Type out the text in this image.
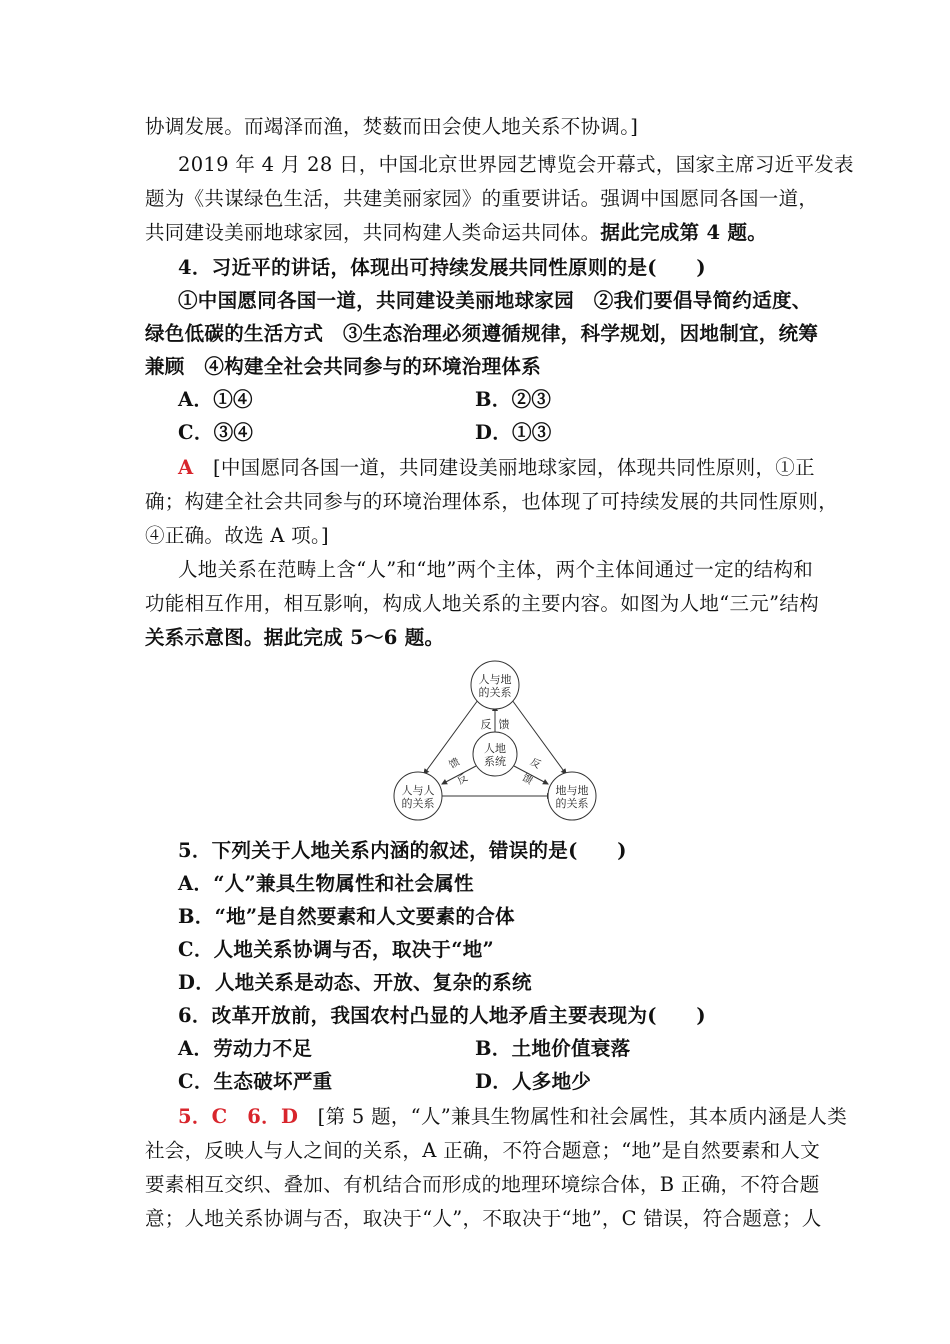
协调发展。而竭泽而渔，焚薮而田会使人地关系不协调。]
2019 年 4 月 28 日，中国北京世界园艺博览会开幕式，国家主席习近平发表
题为《共谋绿色生活，共建美丽家园》的重要讲话。强调中国愿同各国一道，
共同建设美丽地球家园，共同构建人类命运共同体。据此完成第 4 题。
4．习近平的讲话，体现出可持续发展共同性原则的是(　　)
①中国愿同各国一道，共同建设美丽地球家园　②我们要倡导简约适度、
绿色低碳的生活方式　③生态治理必须遵循规律，科学规划，因地制宜，统筹
兼顾　④构建全社会共同参与的环境治理体系
A．①④	B．②③
C．③④	D．①③
A [中国愿同各国一道，共同建设美丽地球家园，体现共同性原则，①正
确；构建全社会共同参与的环境治理体系，也体现了可持续发展的共同性原则，
④正确。故选 A 项。]
人地关系在范畴上含“人”和“地”两个主体，两个主体间通过一定的结构和
功能相互作用，相互影响，构成人地关系的主要内容。如图为人地“三元”结构
关系示意图。据此完成 5～6 题。
人与地
的关系
人地
系统
人与人
的关系
地与地
的关系
反 馈
馈
反
反
馈
5．下列关于人地关系内涵的叙述，错误的是(　　)
A．“人”兼具生物属性和社会属性
B．“地”是自然要素和人文要素的合体
C．人地关系协调与否，取决于“地”
D．人地关系是动态、开放、复杂的系统
6．改革开放前，我国农村凸显的人地矛盾主要表现为(　　)
A．劳动力不足	B．土地价值衰落
C．生态破坏严重	D．人多地少
5．C　6．D [第 5 题，“人”兼具生物属性和社会属性，其本质内涵是人类
社会，反映人与人之间的关系，A 正确，不符合题意；“地”是自然要素和人文
要素相互交织、叠加、有机结合而形成的地理环境综合体，B 正确，不符合题
意；人地关系协调与否，取决于“人”，不取决于“地”，C 错误，符合题意；人
